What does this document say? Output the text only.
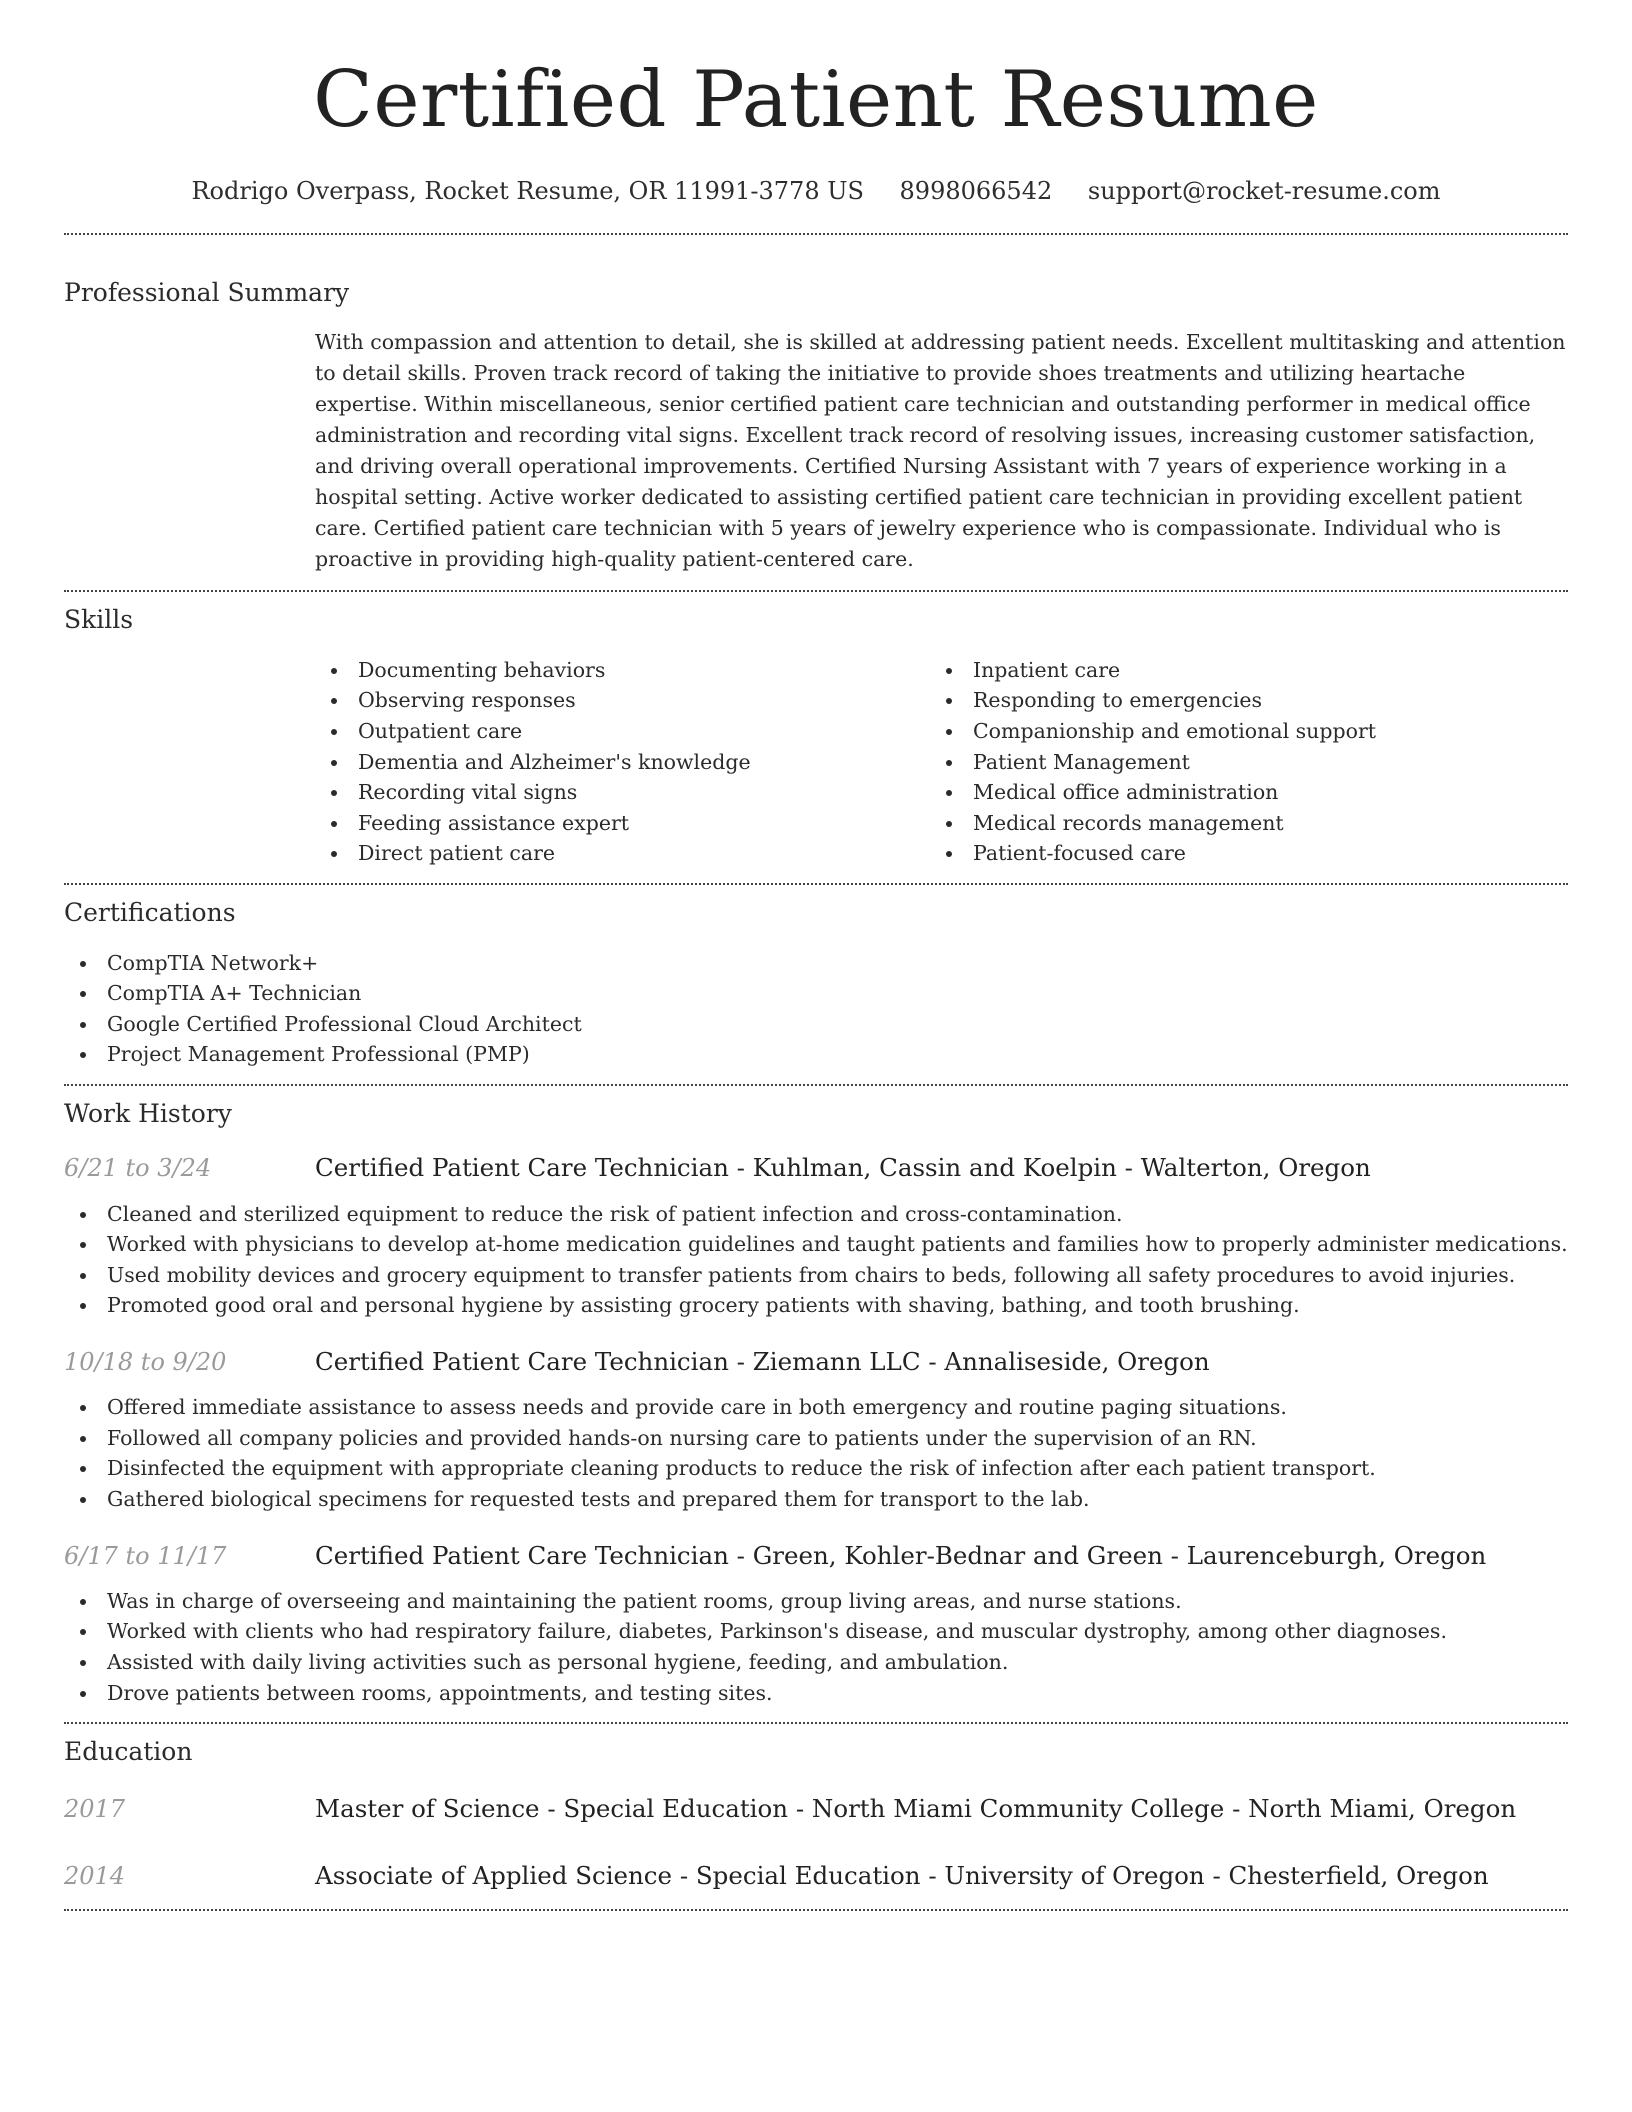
Certified Patient Resume
Rodrigo Overpass, Rocket Resume, OR 11991-3778 US 8998066542 support@rocket-resume.com
Professional Summary
With compassion and attention to detail, she is skilled at addressing patient needs. Excellent multitasking and attention to detail skills. Proven track record of taking the initiative to provide shoes treatments and utilizing heartache expertise. Within miscellaneous, senior certified patient care technician and outstanding performer in medical office administration and recording vital signs. Excellent track record of resolving issues, increasing customer satisfaction, and driving overall operational improvements. Certified Nursing Assistant with 7 years of experience working in a hospital setting. Active worker dedicated to assisting certified patient care technician in providing excellent patient care. Certified patient care technician with 5 years of jewelry experience who is compassionate. Individual who is proactive in providing high-quality patient-centered care.
Skills
Documenting behaviors
Observing responses
Outpatient care
Dementia and Alzheimer's knowledge
Recording vital signs
Feeding assistance expert
Direct patient care
Inpatient care
Responding to emergencies
Companionship and emotional support
Patient Management
Medical office administration
Medical records management
Patient-focused care
Certifications
CompTIA Network+
CompTIA A+ Technician
Google Certified Professional Cloud Architect
Project Management Professional (PMP)
Work History
6/21 to 3/24	Certified Patient Care Technician - Kuhlman, Cassin and Koelpin - Walterton, Oregon
Cleaned and sterilized equipment to reduce the risk of patient infection and cross-contamination.
Worked with physicians to develop at-home medication guidelines and taught patients and families how to properly administer medications.
Used mobility devices and grocery equipment to transfer patients from chairs to beds, following all safety procedures to avoid injuries.
Promoted good oral and personal hygiene by assisting grocery patients with shaving, bathing, and tooth brushing.
10/18 to 9/20	Certified Patient Care Technician - Ziemann LLC - Annaliseside, Oregon
Offered immediate assistance to assess needs and provide care in both emergency and routine paging situations.
Followed all company policies and provided hands-on nursing care to patients under the supervision of an RN.
Disinfected the equipment with appropriate cleaning products to reduce the risk of infection after each patient transport.
Gathered biological specimens for requested tests and prepared them for transport to the lab.
6/17 to 11/17	Certified Patient Care Technician - Green, Kohler-Bednar and Green - Laurenceburgh, Oregon
Was in charge of overseeing and maintaining the patient rooms, group living areas, and nurse stations.
Worked with clients who had respiratory failure, diabetes, Parkinson's disease, and muscular dystrophy, among other diagnoses.
Assisted with daily living activities such as personal hygiene, feeding, and ambulation.
Drove patients between rooms, appointments, and testing sites.
Education
2017	Master of Science - Special Education - North Miami Community College - North Miami, Oregon
2014	Associate of Applied Science - Special Education - University of Oregon - Chesterfield, Oregon
